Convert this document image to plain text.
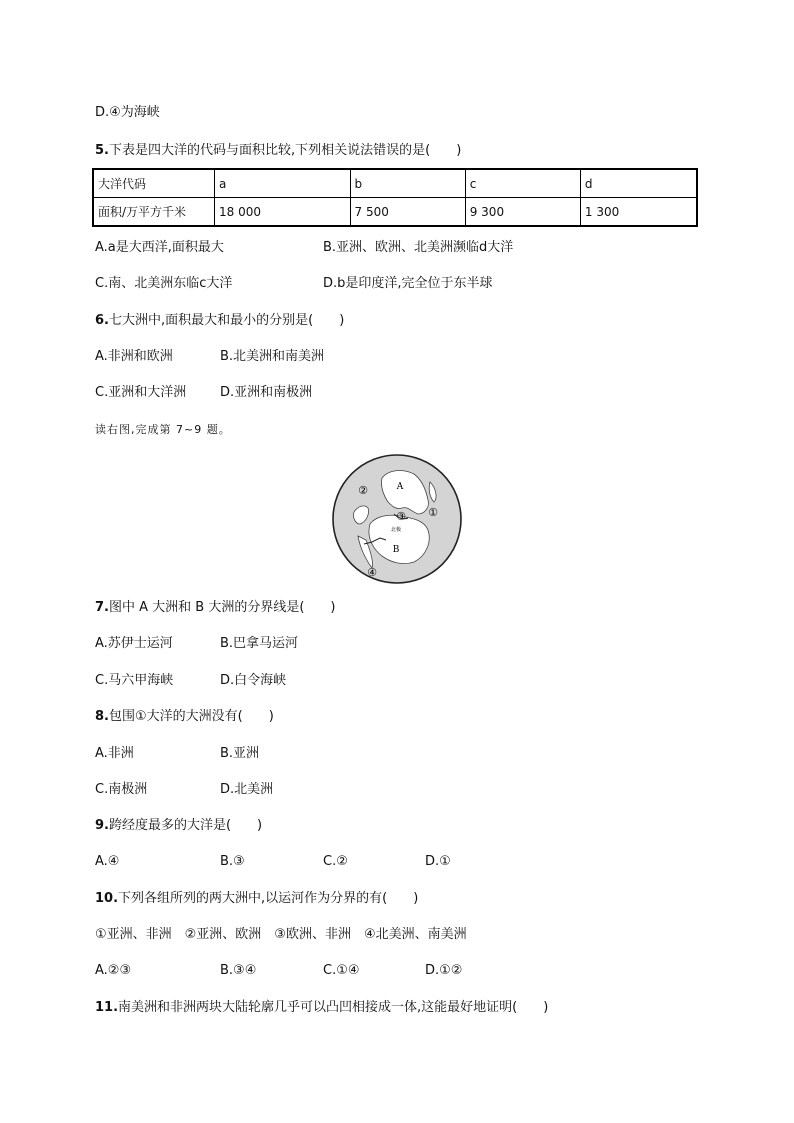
D.④为海峡
5.下表是四大洋的代码与面积比较,下列相关说法错误的是(　　)
大洋代码	a	b	c	d
面积/万平方千米	18 000	7 500	9 300	1 300
A.a是大西洋,面积最大	B.亚洲、欧洲、北美洲濒临d大洋
C.南、北美洲东临c大洋	D.b是印度洋,完全位于东半球
6.七大洲中,面积最大和最小的分别是(　　)
A.非洲和欧洲	B.北美洲和南美洲
C.亚洲和大洋洲	D.亚洲和南极洲
读右图,完成第 7~9 题。
A
B
①
②
③
④
北极
7.图中 A 大洲和 B 大洲的分界线是(　　)
A.苏伊士运河	B.巴拿马运河
C.马六甲海峡	D.白令海峡
8.包围①大洋的大洲没有(　　)
A.非洲	B.亚洲
C.南极洲	D.北美洲
9.跨经度最多的大洋是(　　)
A.④	B.③	C.②	D.①
10.下列各组所列的两大洲中,以运河作为分界的有(　　)
①亚洲、非洲　②亚洲、欧洲　③欧洲、非洲　④北美洲、南美洲
A.②③	B.③④	C.①④	D.①②
11.南美洲和非洲两块大陆轮廓几乎可以凸凹相接成一体,这能最好地证明(　　)
